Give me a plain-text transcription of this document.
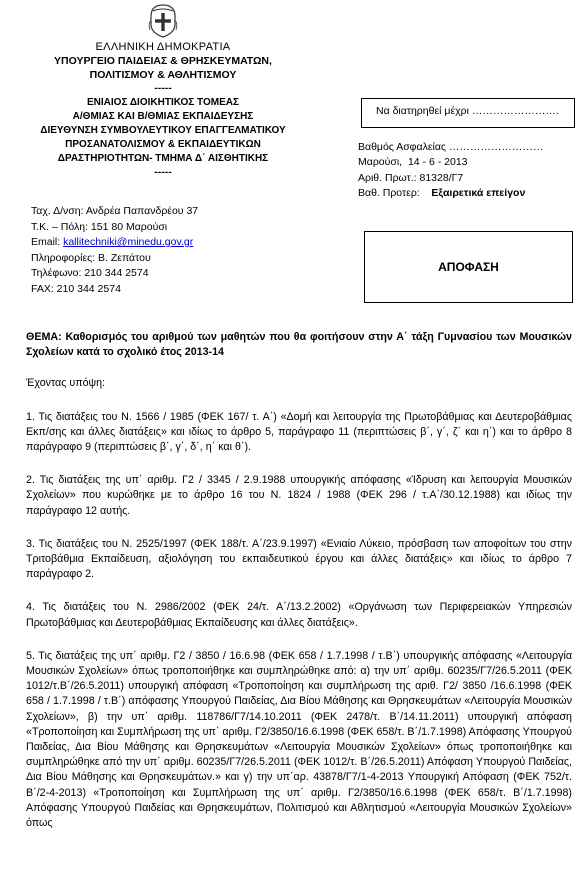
ΕΛΛΗΝΙΚΗ ΔΗΜΟΚΡΑΤΙΑ
ΥΠΟΥΡΓΕΙΟ ΠΑΙΔΕΙΑΣ & ΘΡΗΣΚΕΥΜΑΤΩΝ,
ΠΟΛΙΤΙΣΜΟΥ & ΑΘΛΗΤΙΣΜΟΥ
-----
ΕΝΙΑΙΟΣ ΔΙΟΙΚΗΤΙΚΟΣ ΤΟΜΕΑΣ
Α/ΘΜΙΑΣ ΚΑΙ Β/ΘΜΙΑΣ ΕΚΠΑΙΔΕΥΣΗΣ
ΔΙΕΥΘΥΝΣΗ ΣΥΜΒΟΥΛΕΥΤΙΚΟΥ ΕΠΑΓΓΕΛΜΑΤΙΚΟΥ
ΠΡΟΣΑΝΑΤΟΛΙΣΜΟΥ & ΕΚΠΑΙΔΕΥΤΙΚΩΝ
ΔΡΑΣΤΗΡΙΟΤΗΤΩΝ- ΤΜΗΜΑ Δ΄ ΑΙΣΘΗΤΙΚΗΣ
-----
Ταχ. Δ/νση: Ανδρέα Παπανδρέου 37
Τ.Κ. – Πόλη: 151 80 Μαρούσι
Email: kallitechniki@minedu.gov.gr
Πληροφορίες: Β. Ζεπάτου
Τηλέφωνο: 210 344 2574
FAX: 210 344 2574
Να διατηρηθεί μέχρι …………………….
Βαθμός Ασφαλείας ………………………
Μαρούσι, 14 - 6 - 2013
Αριθ. Πρωτ.: 81328/Γ7
Βαθ. Προτερ: Εξαιρετικά επείγον
ΑΠΟΦΑΣΗ

ΘΕΜΑ: Καθορισμός του αριθμού των μαθητών που θα φοιτήσουν στην Α΄ τάξη Γυμνασίου των Μουσικών Σχολείων κατά το σχολικό έτος 2013-14

Έχοντας υπόψη:

1. Τις διατάξεις του Ν. 1566 / 1985 (ΦΕΚ 167/ τ. Α΄) «Δομή και λειτουργία της Πρωτοβάθμιας και Δευτεροβάθμιας Εκπ/σης και άλλες διατάξεις» και ιδίως το άρθρο 5, παράγραφο 11 (περιπτώσεις β΄, γ΄, ζ΄ και η΄) και το άρθρο 8 παράγραφο 9 (περιπτώσεις β΄, γ΄, δ΄, η΄ και θ΄).

2. Τις διατάξεις της υπ΄ αριθμ. Γ2 / 3345 / 2.9.1988 υπουργικής απόφασης «Ίδρυση και λειτουργία Μουσικών Σχολείων» που κυρώθηκε με το άρθρο 16 του Ν. 1824 / 1988 (ΦΕΚ 296 / τ.Α΄/30.12.1988) και ιδίως την παράγραφο 12 αυτής.

3. Τις διατάξεις του Ν. 2525/1997 (ΦΕΚ 188/τ. Α΄/23.9.1997) «Ενιαίο Λύκειο, πρόσβαση των αποφοίτων του στην Τριτοβάθμια Εκπαίδευση, αξιολόγηση του εκπαιδευτικού έργου και άλλες διατάξεις» και ιδίως το άρθρο 7 παράγραφο 2.

4. Τις διατάξεις του Ν. 2986/2002 (ΦΕΚ 24/τ. Α΄/13.2.2002) «Οργάνωση των Περιφερειακών Υπηρεσιών Πρωτοβάθμιας και Δευτεροβάθμιας Εκπαίδευσης και άλλες διατάξεις».

5. Τις διατάξεις της υπ΄ αριθμ. Γ2 / 3850 / 16.6.98 (ΦΕΚ 658 / 1.7.1998 / τ.Β΄) υπουργικής απόφασης «Λειτουργία Μουσικών Σχολείων» όπως τροποποιήθηκε και συμπληρώθηκε από: α) την υπ΄ αριθμ. 60235/Γ7/26.5.2011 (ΦΕΚ 1012/τ.Β΄/26.5.2011) υπουργική απόφαση «Τροποποίηση και συμπλήρωση της αριθ. Γ2/ 3850 /16.6.1998 (ΦΕΚ 658 / 1.7.1998 / τ.Β΄) απόφασης Υπουργού Παιδείας, Δια Βίου Μάθησης και Θρησκευμάτων «Λειτουργία Μουσικών Σχολείων», β) την υπ΄ αριθμ. 118786/Γ7/14.10.2011 (ΦΕΚ 2478/τ. Β΄/14.11.2011) υπουργική απόφαση «Τροποποίηση και Συμπλήρωση της υπ΄ αριθμ. Γ2/3850/16.6.1998 (ΦΕΚ 658/τ. Β΄/1.7.1998) Απόφασης Υπουργού Παιδείας, Δια Βίου Μάθησης και Θρησκευμάτων «Λειτουργία Μουσικών Σχολείων» όπως τροποποιήθηκε και συμπληρώθηκε από την υπ΄ αριθμ. 60235/Γ7/26.5.2011 (ΦΕΚ 1012/τ. Β΄/26.5.2011) Απόφαση Υπουργού Παιδείας, Δια Βίου Μάθησης και Θρησκευμάτων.» και γ) την υπ΄αρ. 43878/Γ7/1-4-2013 Υπουργική Απόφαση (ΦΕΚ 752/τ. Β΄/2-4-2013) «Τροποποίηση και Συμπλήρωση της υπ΄ αριθμ. Γ2/3850/16.6.1998 (ΦΕΚ 658/τ. Β΄/1.7.1998) Απόφασης Υπουργού Παιδείας και Θρησκευμάτων, Πολιτισμού και Αθλητισμού «Λειτουργία Μουσικών Σχολείων» όπως
